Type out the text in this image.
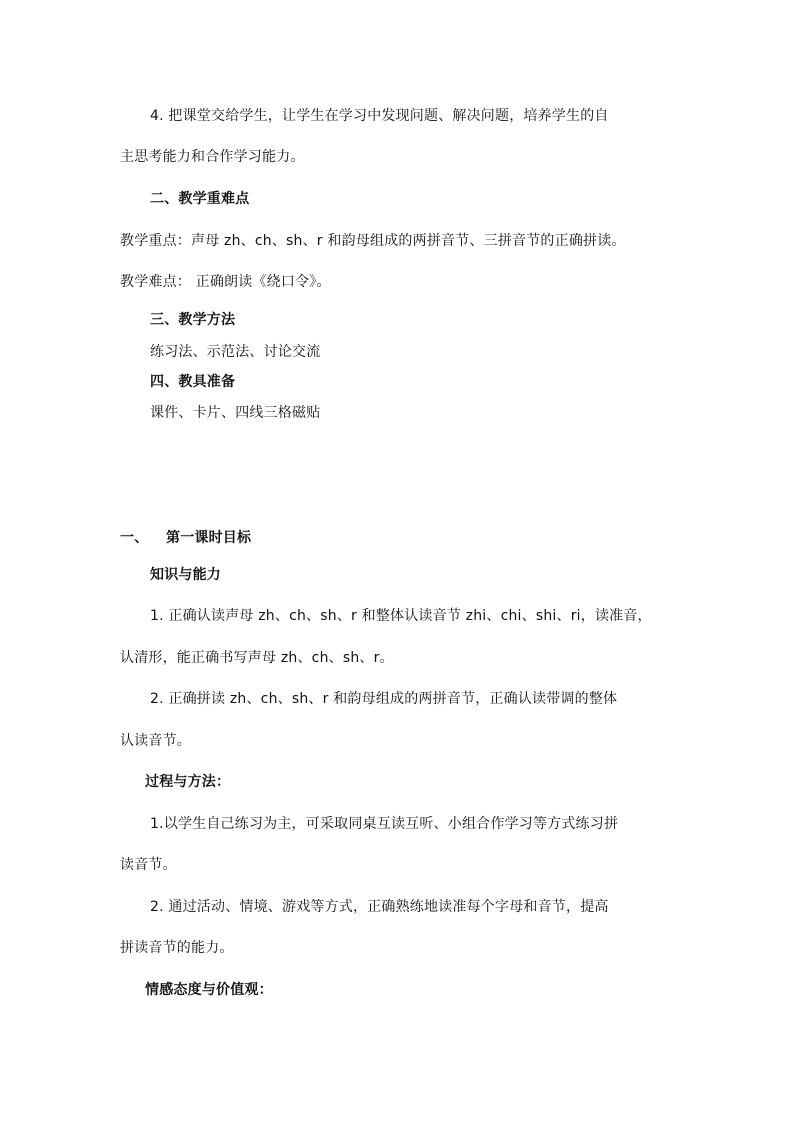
4. 把课堂交给学生，让学生在学习中发现问题、解决问题，培养学生的自
主思考能力和合作学习能力。
二、教学重难点
教学重点：声母 zh、ch、sh、r 和韵母组成的两拼音节、三拼音节的正确拼读。
教学难点： 正确朗读《绕口令》。
三、教学方法
练习法、示范法、讨论交流
四、教具准备
课件、卡片、四线三格磁贴
一、 第一课时目标
知识与能力
1. 正确认读声母 zh、ch、sh、r 和整体认读音节 zhi、chi、shi、ri，读准音，
认清形，能正确书写声母 zh、ch、sh、r。
2. 正确拼读 zh、ch、sh、r 和韵母组成的两拼音节，正确认读带调的整体
认读音节。
过程与方法：
1.以学生自己练习为主，可采取同桌互读互听、小组合作学习等方式练习拼
读音节。
2. 通过活动、情境、游戏等方式，正确熟练地读准每个字母和音节，提高
拼读音节的能力。
情感态度与价值观：
